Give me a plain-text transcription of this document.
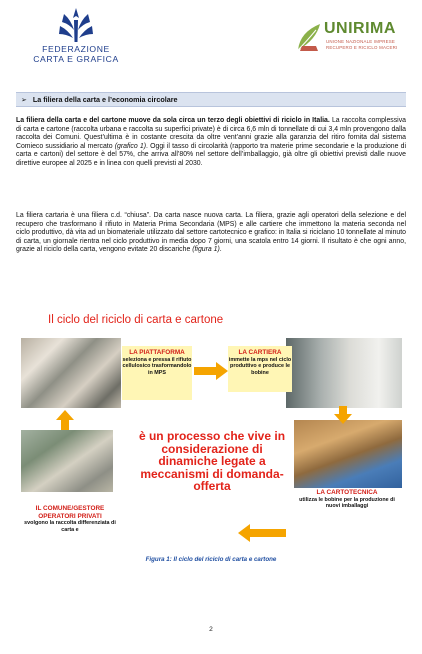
FEDERAZIONE
CARTA E GRAFICA
UNIRIMA
UNIONE NAZIONALE IMPRESE
RECUPERO E RICICLO MACERI
➢ La filiera della carta e l’economia circolare

La filiera della carta e del cartone muove da sola circa un terzo degli obiettivi di riciclo in Italia. La raccolta complessiva di carta e cartone (raccolta urbana e raccolta su superfici private) è di circa 6,6 mln di tonnellate di cui 3,4 mln provengono dalla raccolta dei Comuni. Quest’ultima è in costante crescita da oltre vent’anni grazie alla garanzia del ritiro fornita dal sistema Comieco sussidiario al mercato (grafico 1). Oggi il tasso di circolarità (rapporto tra materie prime secondarie e la produzione di carta e cartoni) del settore è del 57%, che arriva all’80% nel settore dell’imballaggio, già oltre gli obiettivi previsti dalle nuove direttive europee al 2025 e in linea con quelli previsti al 2030.

La filiera cartaria è una filiera c.d. “chiusa”. Da carta nasce nuova carta. La filiera, grazie agli operatori della selezione e del recupero che trasformano il rifiuto in Materia Prima Secondaria (MPS) e alle cartiere che immettono la materia seconda nel ciclo produttivo, dà vita ad un biomateriale utilizzato dal settore cartotecnico e grafico: in Italia si riciclano 10 tonnellate al minuto di carta, un giornale rientra nel ciclo produttivo in media dopo 7 giorni, una scatola entro 14 giorni. Il risultato è che ogni anno, grazie al riciclo della carta, vengono evitate 20 discariche (figura 1).

Il ciclo del riciclo di carta e cartone
LA PIATTAFORMA
seleziona e pressa il rifiuto cellulosico trasformandolo in MPS
LA CARTIERA
immette la mps nel ciclo produttivo e produce le bobine
LA CARTOTECNICA
utilizza le bobine per la produzione di nuovi imballaggi
IL COMUNE/GESTORE OPERATORI PRIVATI
svolgono la raccolta differenziata di carta e
è un processo che vive in considerazione di dinamiche legate a meccanismi di domanda-offerta
Figura 1: Il ciclo del riciclo di carta e cartone
2
